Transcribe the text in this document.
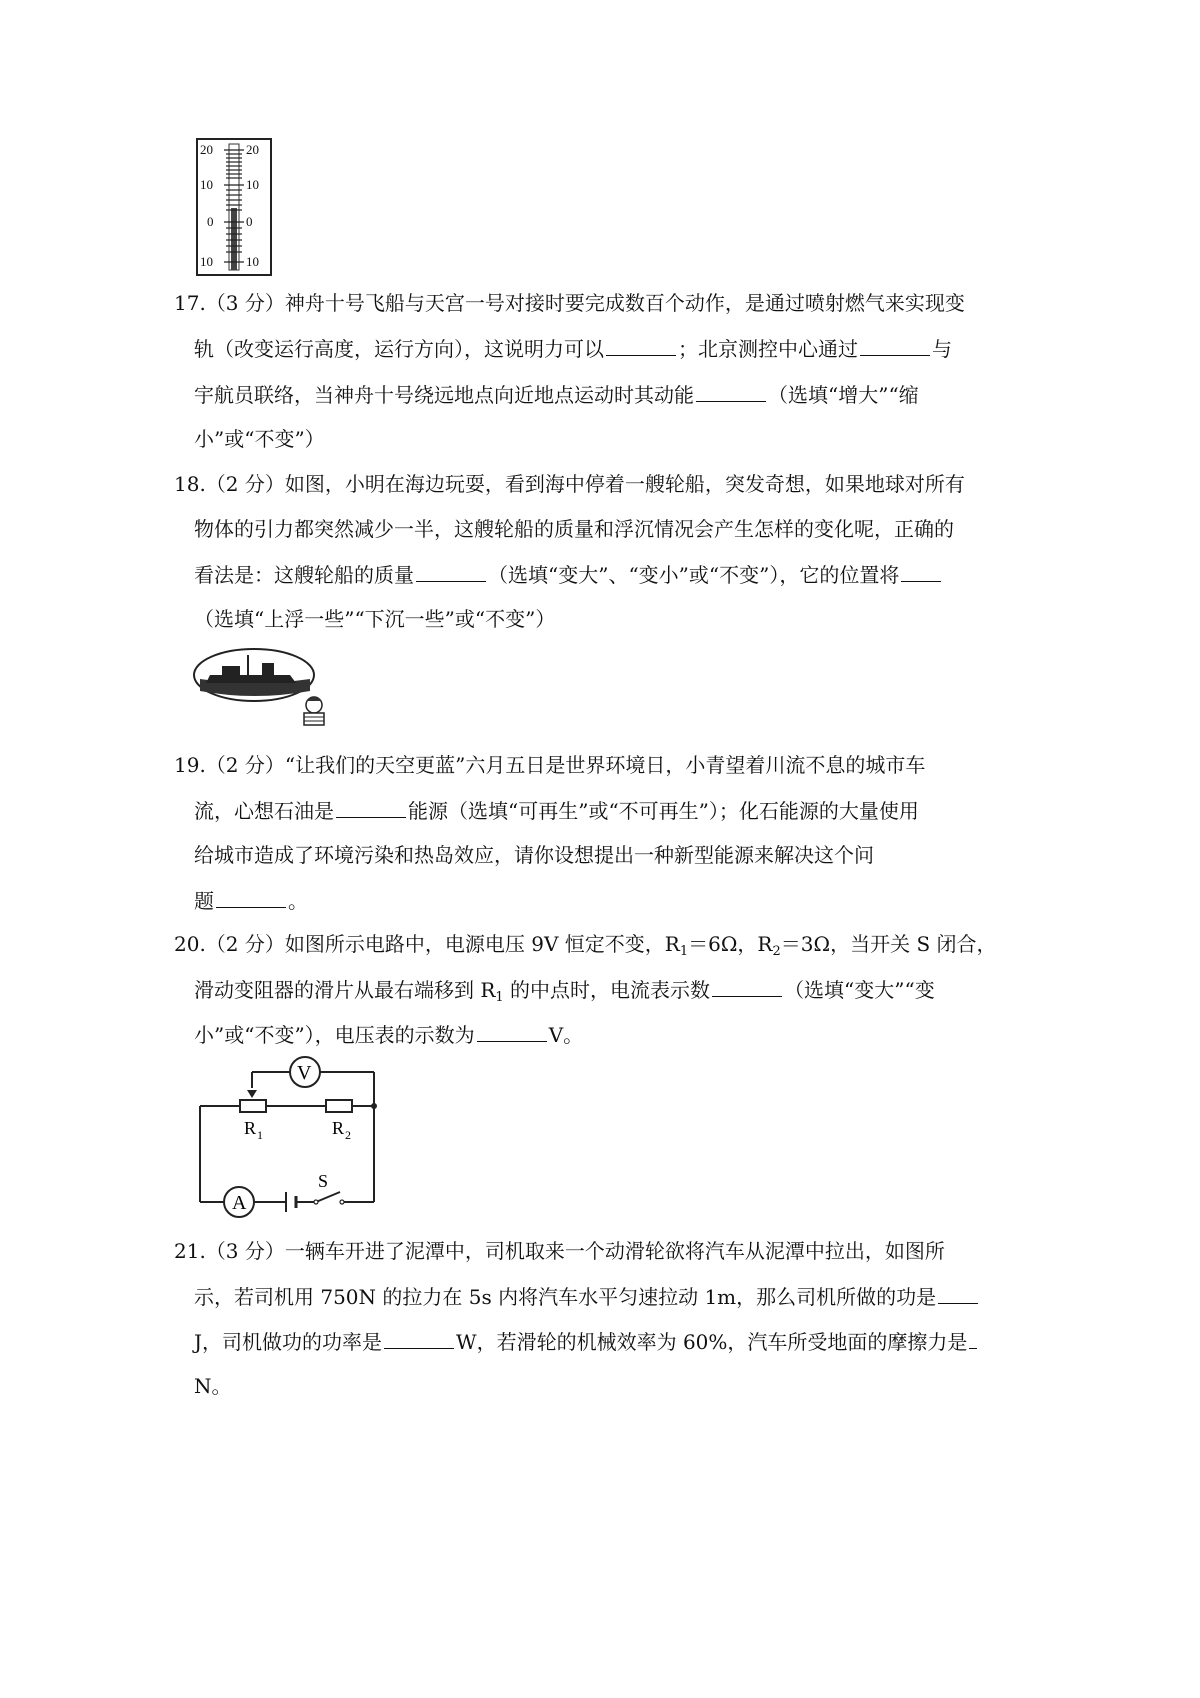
20
10
0
10
20
10
0
10
17.（3 分）神舟十号飞船与天宫一号对接时要完成数百个动作，是通过喷射燃气来实现变
轨（改变运行高度，运行方向），这说明力可以	；北京测控中心通过	与
宇航员联络，当神舟十号绕远地点向近地点运动时其动能	（选填“增大”“缩
小”或“不变”）
18.（2 分）如图，小明在海边玩耍，看到海中停着一艘轮船，突发奇想，如果地球对所有
物体的引力都突然减少一半，这艘轮船的质量和浮沉情况会产生怎样的变化呢，正确的
看法是：这艘轮船的质量	（选填“变大”、“变小”或“不变”），它的位置将
（选填“上浮一些”“下沉一些”或“不变”）
19.（2 分）“让我们的天空更蓝”六月五日是世界环境日，小青望着川流不息的城市车
流，心想石油是	能源（选填“可再生”或“不可再生”）；化石能源的大量使用
给城市造成了环境污染和热岛效应，请你设想提出一种新型能源来解决这个问
题	。
20.（2 分）如图所示电路中，电源电压 9V 恒定不变，$R_1=6\Omega$，$R_2=3\Omega$，当开关 S 闭合，
滑动变阻器的滑片从最右端移到 $R_1$ 的中点时，电流表示数	（选填“变大”“变
小”或“不变”），电压表的示数为	V。
V
A
S
R 1	R 2
21.（3 分）一辆车开进了泥潭中，司机取来一个动滑轮欲将汽车从泥潭中拉出，如图所
示，若司机用 750N 的拉力在 5s 内将汽车水平匀速拉动 1m，那么司机所做的功是
J，司机做功的功率是	W，若滑轮的机械效率为 60%，汽车所受地面的摩擦力是
N。
